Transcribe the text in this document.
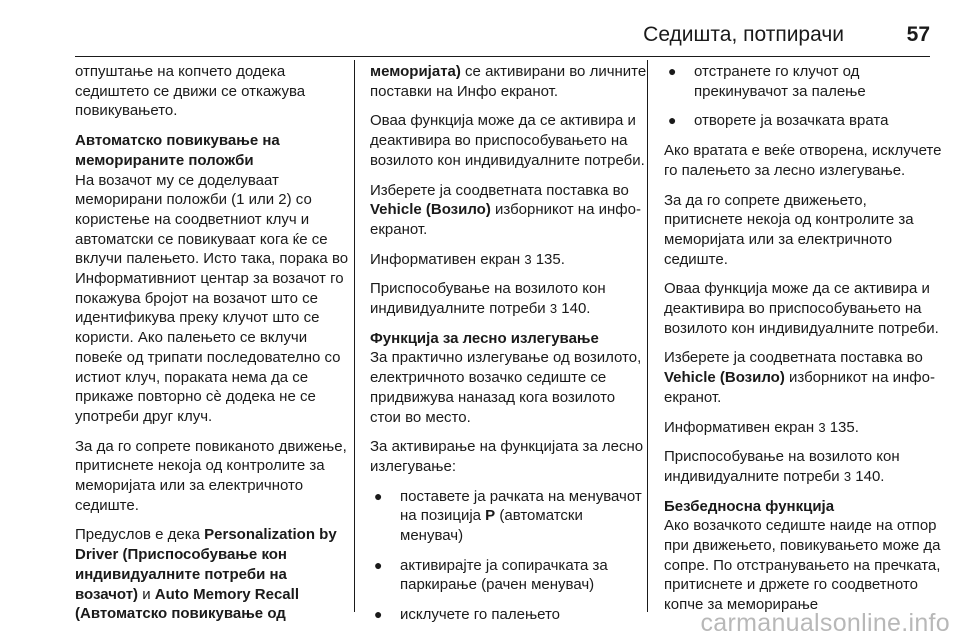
Седишта, потпирачи	57

отпуштање на копчето додека седиштето се движи се откажува повикувањето.

Автоматско повикување на меморираните положби

На возачот му се доделуваат меморирани положби (1 или 2) со користење на соодветниот клуч и автоматски се повикуваат кога ќе се вклучи палењето. Исто така, порака во Информативниот центар за возачот го покажува бројот на возачот што се идентификува преку клучот што се користи. Ако палењето се вклучи повеќе од трипати последователно со истиот клуч, пораката нема да се прикаже повторно сѐ додека не се употреби друг клуч.

За да го сопрете повиканото движење, притиснете некоја од контролите за меморијата или за електричното седиште.

Предуслов е дека Personalization by Driver (Приспособување кон индивидуалните потреби на возачот) и Auto Memory Recall (Автоматско повикување од

меморијата) се активирани во личните поставки на Инфо екранот.

Оваа функција може да се активира и деактивира во приспособувањето на возилото кон индивидуалните потреби.

Изберете ја соодветната поставка во Vehicle (Возило) изборникот на инфо-екранот.

Информативен екран 3 135.

Приспособување на возилото кон индивидуалните потреби 3 140.

Функција за лесно излегување

За практично излегување од возилото, електричното возачко седиште се придвижува наназад кога возилото стои во место.

За активирање на функцијата за лесно излегување:

● поставете ја рачката на менувачот на позиција P (автоматски менувач)
● активирајте ја сопирачката за паркирање (рачен менувач)
● исклучете го палењето
● отстранете го клучот од прекинувачот за палење
● отворете ја возачката врата

Ако вратата е веќе отворена, исклучете го палењето за лесно излегување.

За да го сопрете движењето, притиснете некоја од контролите за меморијата или за електричното седиште.

Оваа функција може да се активира и деактивира во приспособувањето на возилото кон индивидуалните потреби.

Изберете ја соодветната поставка во Vehicle (Возило) изборникот на инфо-екранот.

Информативен екран 3 135.

Приспособување на возилото кон индивидуалните потреби 3 140.

Безбедносна функција

Ако возачкото седиште наиде на отпор при движењето, повикувањето може да сопре. По отстранувањето на пречката, притиснете и држете го соодветното копче за меморирање

carmanualsonline.info
